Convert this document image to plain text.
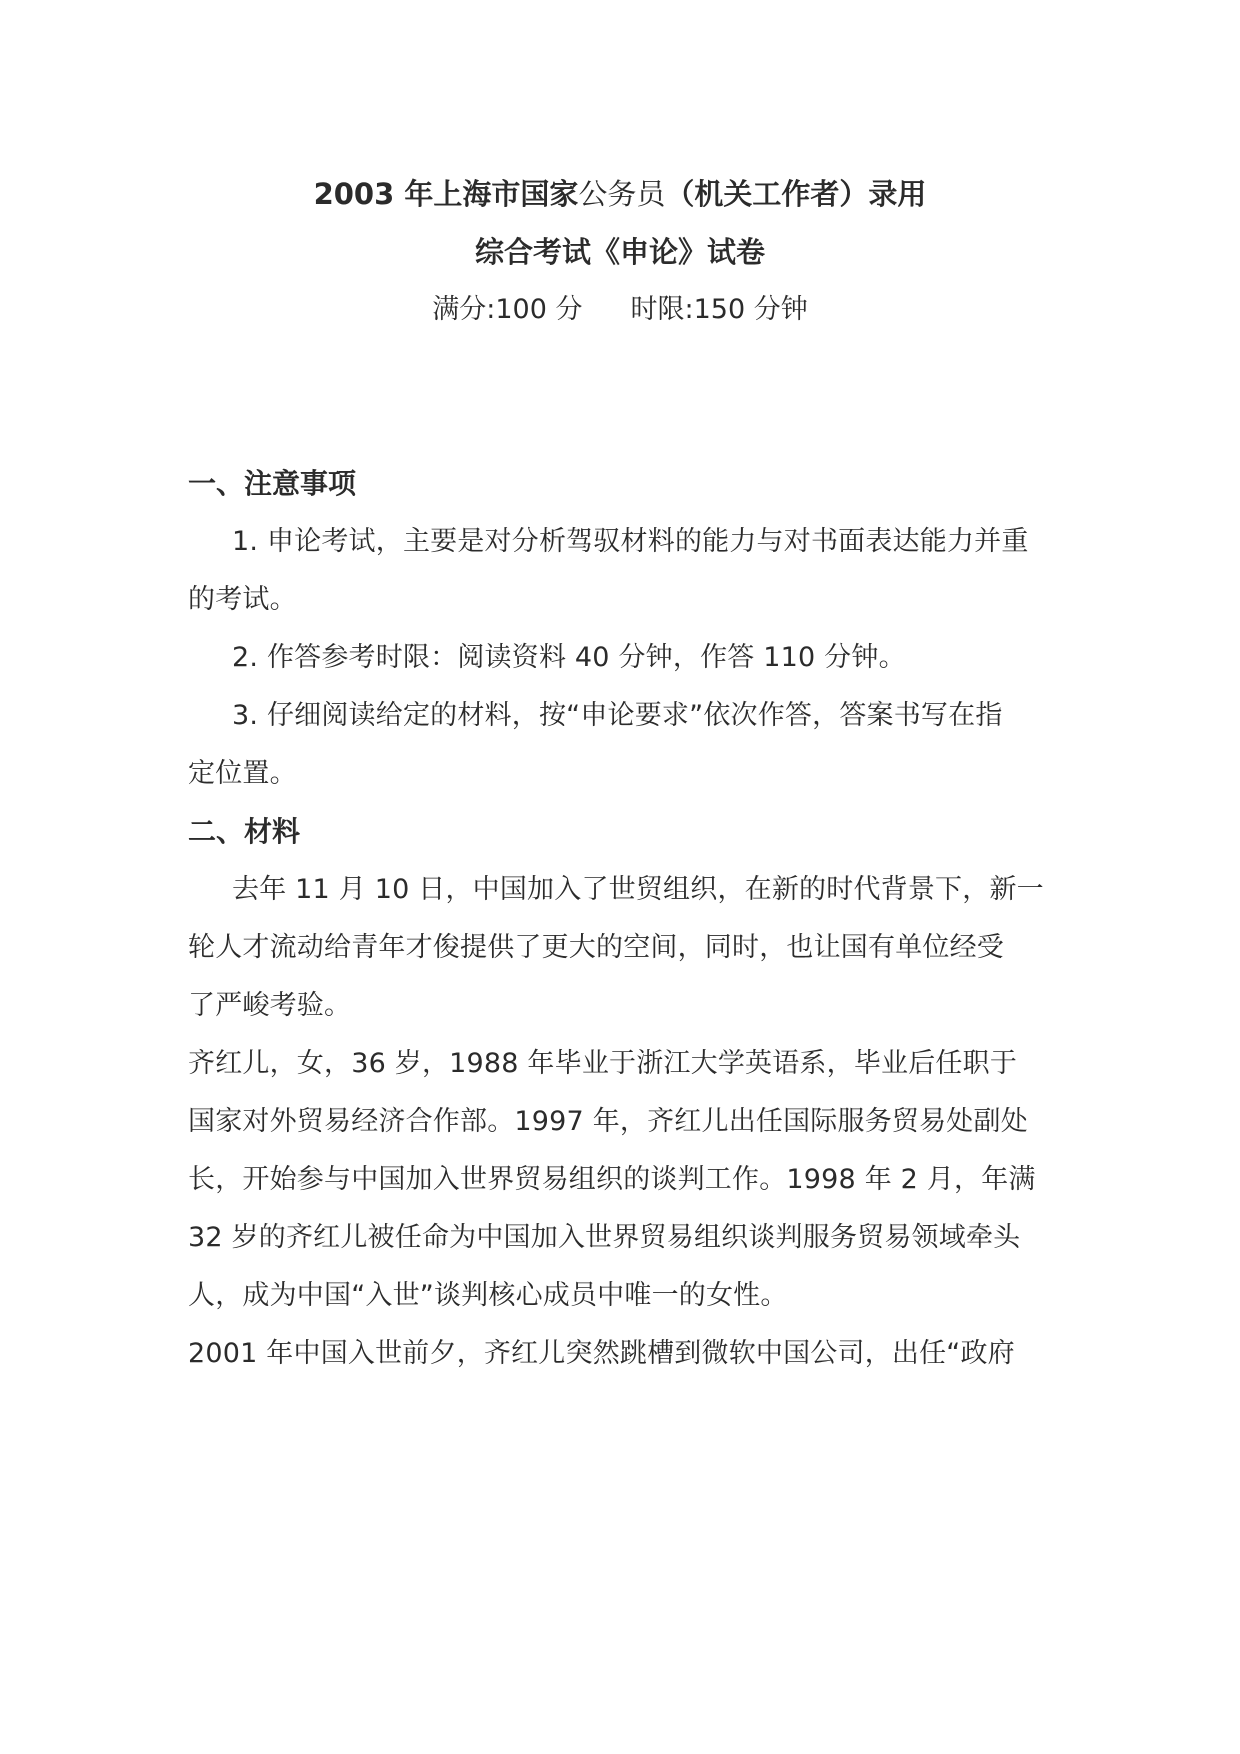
2003 年上海市国家公务员（机关工作者）录用
综合考试《申论》试卷
满分:100 分 时限:150 分钟
一、注意事项
1. 申论考试，主要是对分析驾驭材料的能力与对书面表达能力并重
的考试。
2. 作答参考时限：阅读资料 40 分钟，作答 110 分钟。
3. 仔细阅读给定的材料，按“申论要求”依次作答，答案书写在指
定位置。
二、材料
去年 11 月 10 日，中国加入了世贸组织，在新的时代背景下，新一
轮人才流动给青年才俊提供了更大的空间，同时，也让国有单位经受
了严峻考验。
齐红儿，女，36 岁，1988 年毕业于浙江大学英语系，毕业后任职于
国家对外贸易经济合作部。1997 年，齐红儿出任国际服务贸易处副处
长，开始参与中国加入世界贸易组织的谈判工作。1998 年 2 月，年满
32 岁的齐红儿被任命为中国加入世界贸易组织谈判服务贸易领域牵头
人，成为中国“入世”谈判核心成员中唯一的女性。
2001 年中国入世前夕，齐红儿突然跳槽到微软中国公司，出任“政府
